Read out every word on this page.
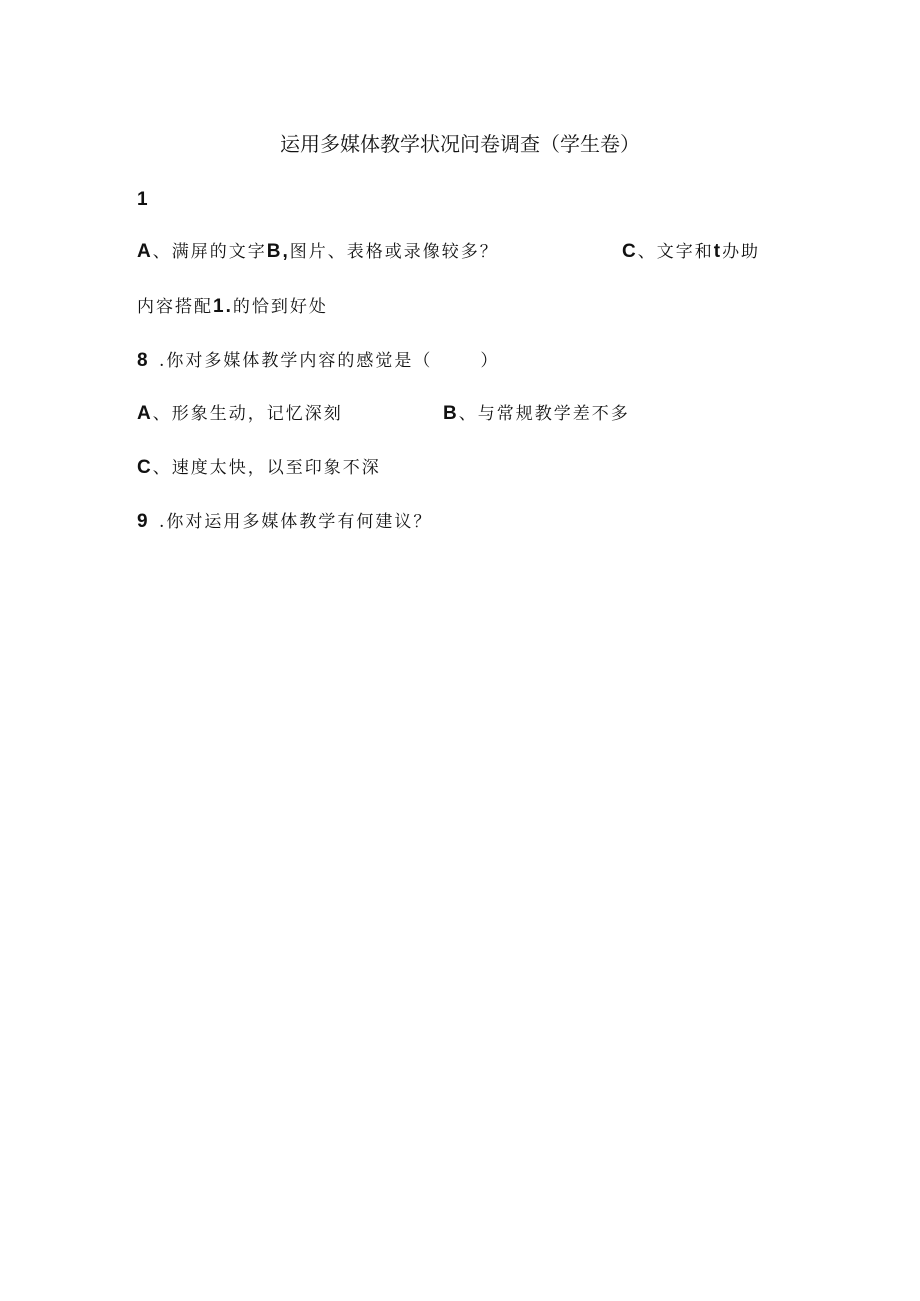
运用多媒体教学状况问卷调查（学生卷）
1
A、满屏的文字B,图片、表格或录像较多？	C、文字和t办助
内容搭配1.的恰到好处
8 .你对多媒体教学内容的感觉是（	）
A、形象生动，记忆深刻	B、与常规教学差不多
C、速度太快，以至印象不深
9 .你对运用多媒体教学有何建议？
